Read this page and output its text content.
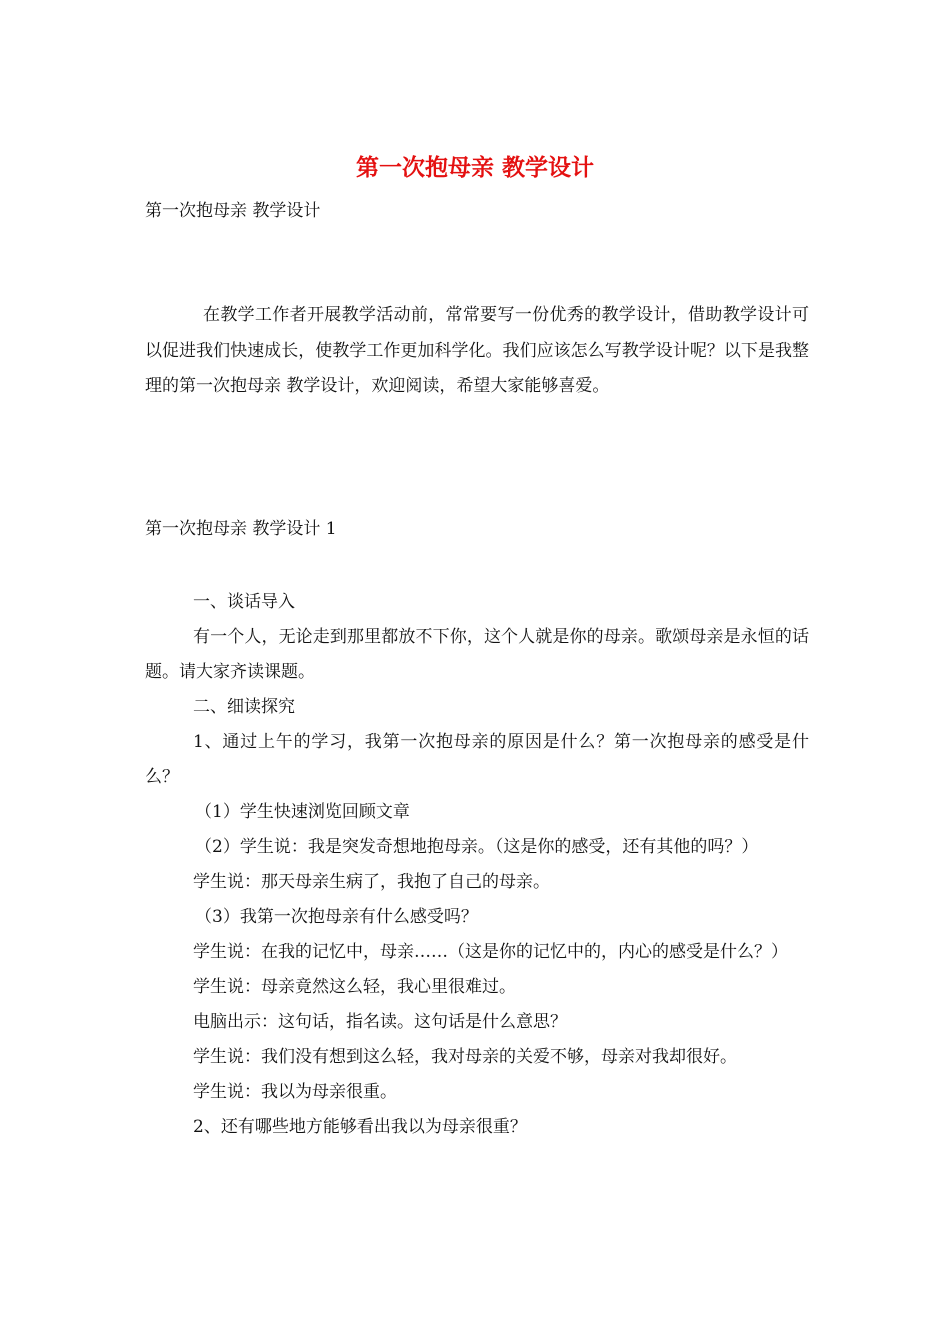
第一次抱母亲 教学设计

第一次抱母亲 教学设计

在教学工作者开展教学活动前，常常要写一份优秀的教学设计，借助教学设计可以促进我们快速成长，使教学工作更加科学化。我们应该怎么写教学设计呢？以下是我整理的第一次抱母亲 教学设计，欢迎阅读，希望大家能够喜爱。

第一次抱母亲 教学设计 1

一、谈话导入

有一个人，无论走到那里都放不下你，这个人就是你的母亲。歌颂母亲是永恒的话题。请大家齐读课题。

二、细读探究

1、通过上午的学习，我第一次抱母亲的原因是什么？第一次抱母亲的感受是什么？

（1）学生快速浏览回顾文章

（2）学生说：我是突发奇想地抱母亲。（这是你的感受，还有其他的吗？）

学生说：那天母亲生病了，我抱了自己的母亲。

（3）我第一次抱母亲有什么感受吗？

学生说：在我的记忆中，母亲……（这是你的记忆中的，内心的感受是什么？）

学生说：母亲竟然这么轻，我心里很难过。

电脑出示：这句话，指名读。这句话是什么意思？

学生说：我们没有想到这么轻，我对母亲的关爱不够，母亲对我却很好。

学生说：我以为母亲很重。

2、还有哪些地方能够看出我以为母亲很重？
